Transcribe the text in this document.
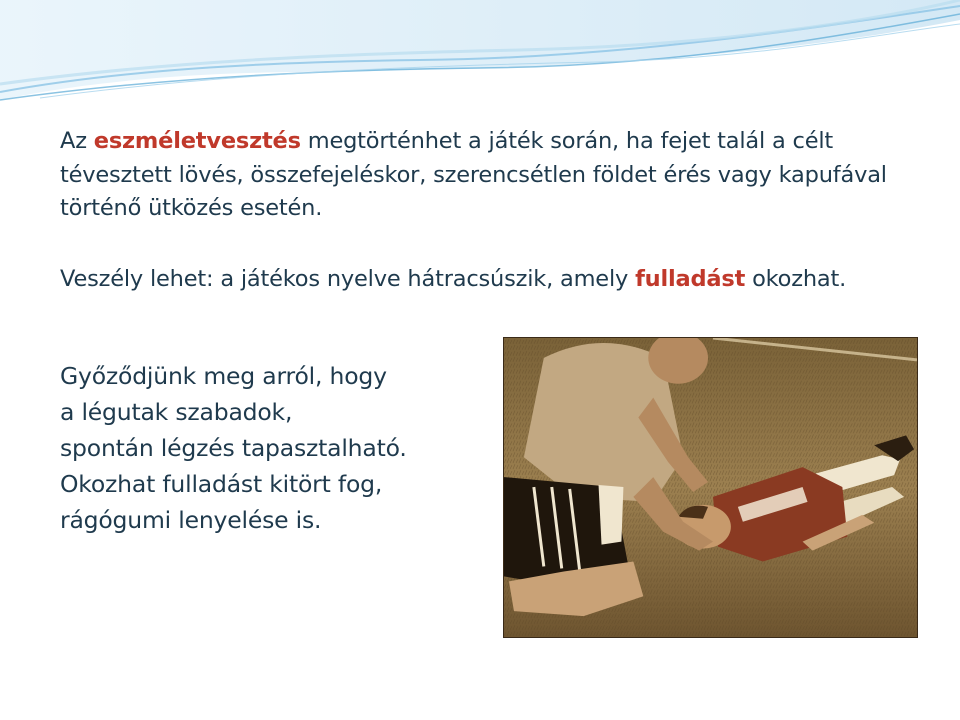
Az eszméletvesztés megtörténhet a játék során, ha fejet talál a célt tévesztett lövés, összefejeléskor, szerencsétlen földet érés vagy kapufával történő ütközés esetén.

Veszély lehet: a játékos nyelve hátracsúszik, amely fulladást okozhat.

Győződjünk meg arról, hogy
a légutak szabadok,
spontán légzés tapasztalható.
Okozhat fulladást kitört fog,
rágógumi lenyelése is.
